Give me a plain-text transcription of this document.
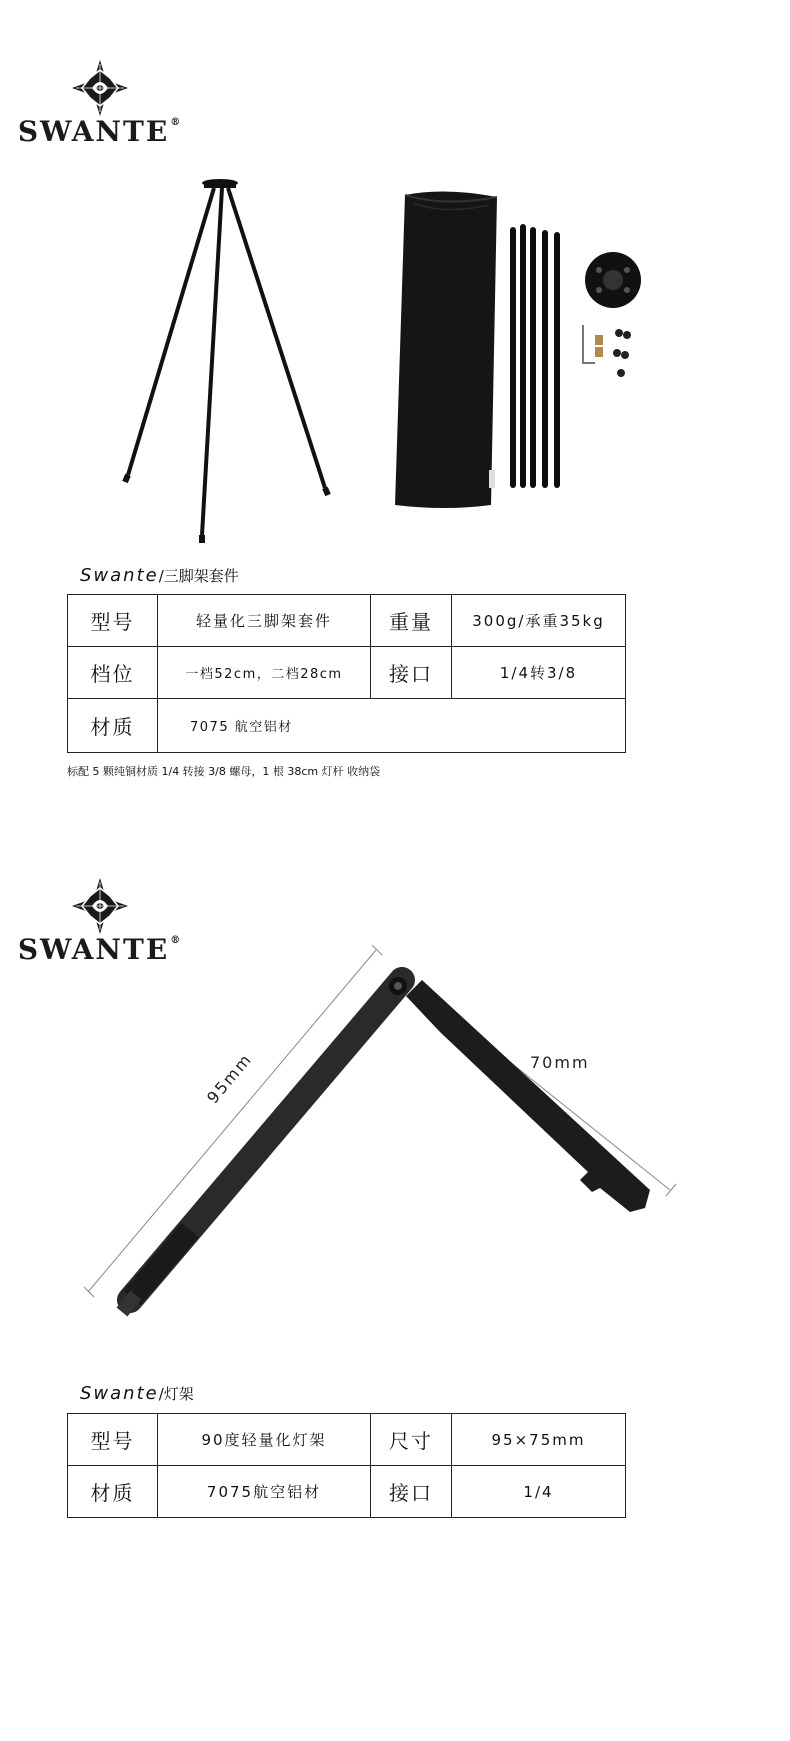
SWANTE®
Swante/三脚架套件
型号	轻量化三脚架套件	重量	300g/承重35kg
档位	一档52cm，二档28cm	接口	1/4转3/8
材质	7075 航空铝材		
标配 5 颗纯铜材质 1/4 转接 3/8 螺母，1 根 38cm 灯杆 收纳袋
SWANTE®
95mm	70mm
Swante/灯架
型号	90度轻量化灯架	尺寸	95×75mm
材质	7075航空铝材	接口	1/4
